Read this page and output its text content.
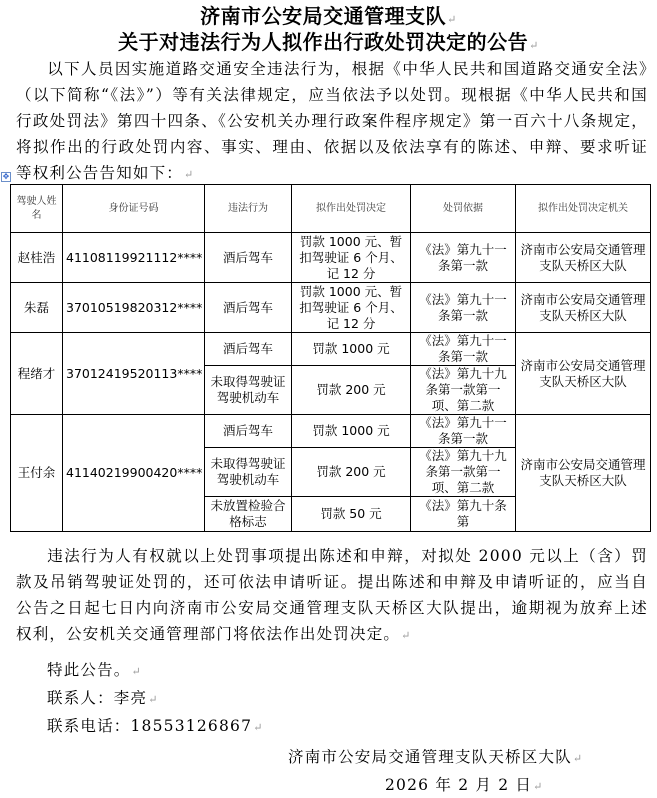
济南市公安局交通管理支队↵
关于对违法行为人拟作出行政处罚决定的公告↵
以下人员因实施道路交通安全违法行为，根据《中华人民共和国道路交通安全法》（以下简称“《法》”）等有关法律规定，应当依法予以处罚。现根据《中华人民共和国行政处罚法》第四十四条、《公安机关办理行政案件程序规定》第一百六十八条规定，将拟作出的行政处罚内容、事实、理由、依据以及依法享有的陈述、申辩、要求听证等权利公告告知如下：↵
✥
驾驶人姓名	身份证号码	违法行为	拟作出处罚决定	处罚依据	拟作出处罚决定机关
赵桂浩	41108119921112****	酒后驾车	罚款 1000 元、暂扣驾驶证 6 个月、记 12 分	《法》第九十一条第一款	济南市公安局交通管理支队天桥区大队
朱磊	37010519820312****	酒后驾车	罚款 1000 元、暂扣驾驶证 6 个月、记 12 分	《法》第九十一条第一款	济南市公安局交通管理支队天桥区大队
程绪才	37012419520113****	酒后驾车	罚款 1000 元	《法》第九十一条第一款	济南市公安局交通管理支队天桥区大队
		未取得驾驶证驾驶机动车	罚款 200 元	《法》第九十九条第一款第一项、第二款	
王付余	41140219900420****	酒后驾车	罚款 1000 元	《法》第九十一条第一款	济南市公安局交通管理支队天桥区大队
		未取得驾驶证驾驶机动车	罚款 200 元	《法》第九十九条第一款第一项、第二款	
		未放置检验合格标志	罚款 50 元	《法》第九十条第	
违法行为人有权就以上处罚事项提出陈述和申辩，对拟处 2000 元以上（含）罚款及吊销驾驶证处罚的，还可依法申请听证。提出陈述和申辩及申请听证的，应当自公告之日起七日内向济南市公安局交通管理支队天桥区大队提出，逾期视为放弃上述权利，公安机关交通管理部门将依法作出处罚决定。↵
特此公告。↵
联系人：李亮↵
联系电话：18553126867↵
济南市公安局交通管理支队天桥区大队↵
2026 年 2 月 2 日↵
